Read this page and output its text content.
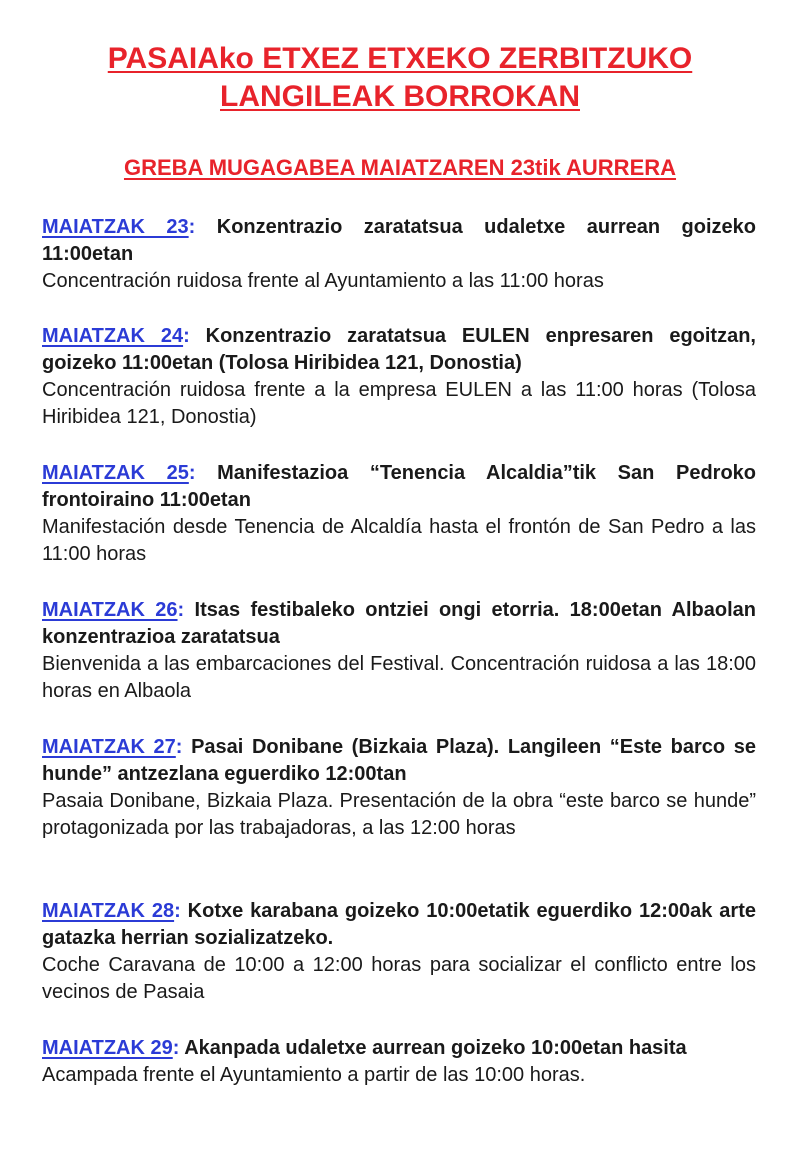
PASAIAko ETXEZ ETXEKO ZERBITZUKO
LANGILEAK BORROKAN
GREBA MUGAGABEA MAIATZAREN 23tik AURRERA
MAIATZAK 23: Konzentrazio zaratatsua udaletxe aurrean goizeko 11:00etan
Concentración ruidosa frente al Ayuntamiento a las 11:00 horas
MAIATZAK 24: Konzentrazio zaratatsua EULEN enpresaren egoitzan, goizeko 11:00etan (Tolosa Hiribidea 121, Donostia)
Concentración ruidosa frente a la empresa EULEN a las 11:00 horas (Tolosa Hiribidea 121, Donostia)
MAIATZAK 25: Manifestazioa “Tenencia Alcaldia”tik San Pedroko frontoiraino 11:00etan
Manifestación desde Tenencia de Alcaldía hasta el frontón de San Pedro a las 11:00 horas
MAIATZAK 26: Itsas festibaleko ontziei ongi etorria. 18:00etan Albaolan konzentrazioa zaratatsua
Bienvenida a las embarcaciones del Festival. Concentración ruidosa a las 18:00 horas en Albaola
MAIATZAK 27: Pasai Donibane (Bizkaia Plaza). Langileen “Este barco se hunde” antzezlana eguerdiko 12:00tan
Pasaia Donibane, Bizkaia Plaza. Presentación de la obra “este barco se hunde” protagonizada por las trabajadoras, a las 12:00 horas
MAIATZAK 28: Kotxe karabana goizeko 10:00etatik eguerdiko 12:00ak arte gatazka herrian sozializatzeko.
Coche Caravana de 10:00 a 12:00 horas para socializar el conflicto entre los vecinos de Pasaia
MAIATZAK 29: Akanpada udaletxe aurrean goizeko 10:00etan hasita
Acampada frente el Ayuntamiento a partir de las 10:00 horas.
